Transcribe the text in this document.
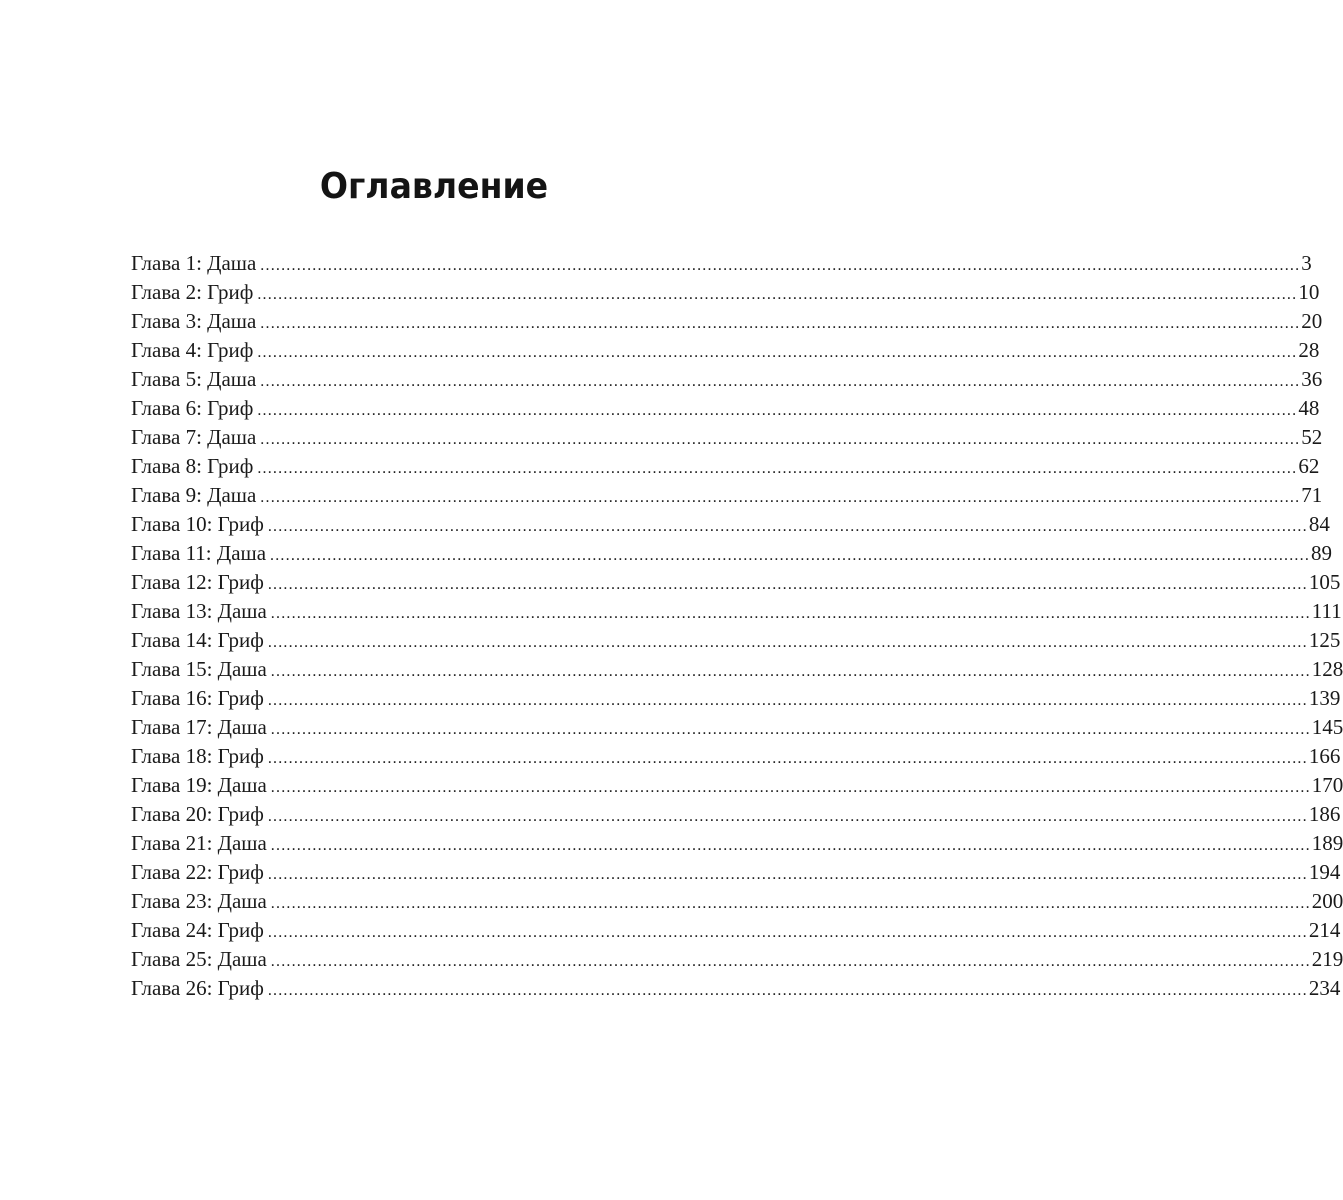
Оглавление
Глава 1: Даша ........................................................................................................................................................................................................ 3
Глава 2: Гриф ........................................................................................................................................................................................................ 10
Глава 3: Даша ........................................................................................................................................................................................................ 20
Глава 4: Гриф ........................................................................................................................................................................................................ 28
Глава 5: Даша ........................................................................................................................................................................................................ 36
Глава 6: Гриф ........................................................................................................................................................................................................ 48
Глава 7: Даша ........................................................................................................................................................................................................ 52
Глава 8: Гриф ........................................................................................................................................................................................................ 62
Глава 9: Даша ........................................................................................................................................................................................................ 71
Глава 10: Гриф ........................................................................................................................................................................................................ 84
Глава 11: Даша ........................................................................................................................................................................................................ 89
Глава 12: Гриф ........................................................................................................................................................................................................ 105
Глава 13: Даша ........................................................................................................................................................................................................ 111
Глава 14: Гриф ........................................................................................................................................................................................................ 125
Глава 15: Даша ........................................................................................................................................................................................................ 128
Глава 16: Гриф ........................................................................................................................................................................................................ 139
Глава 17: Даша ........................................................................................................................................................................................................ 145
Глава 18: Гриф ........................................................................................................................................................................................................ 166
Глава 19: Даша ........................................................................................................................................................................................................ 170
Глава 20: Гриф ........................................................................................................................................................................................................ 186
Глава 21: Даша ........................................................................................................................................................................................................ 189
Глава 22: Гриф ........................................................................................................................................................................................................ 194
Глава 23: Даша ........................................................................................................................................................................................................ 200
Глава 24: Гриф ........................................................................................................................................................................................................ 214
Глава 25: Даша ........................................................................................................................................................................................................ 219
Глава 26: Гриф ........................................................................................................................................................................................................ 234
